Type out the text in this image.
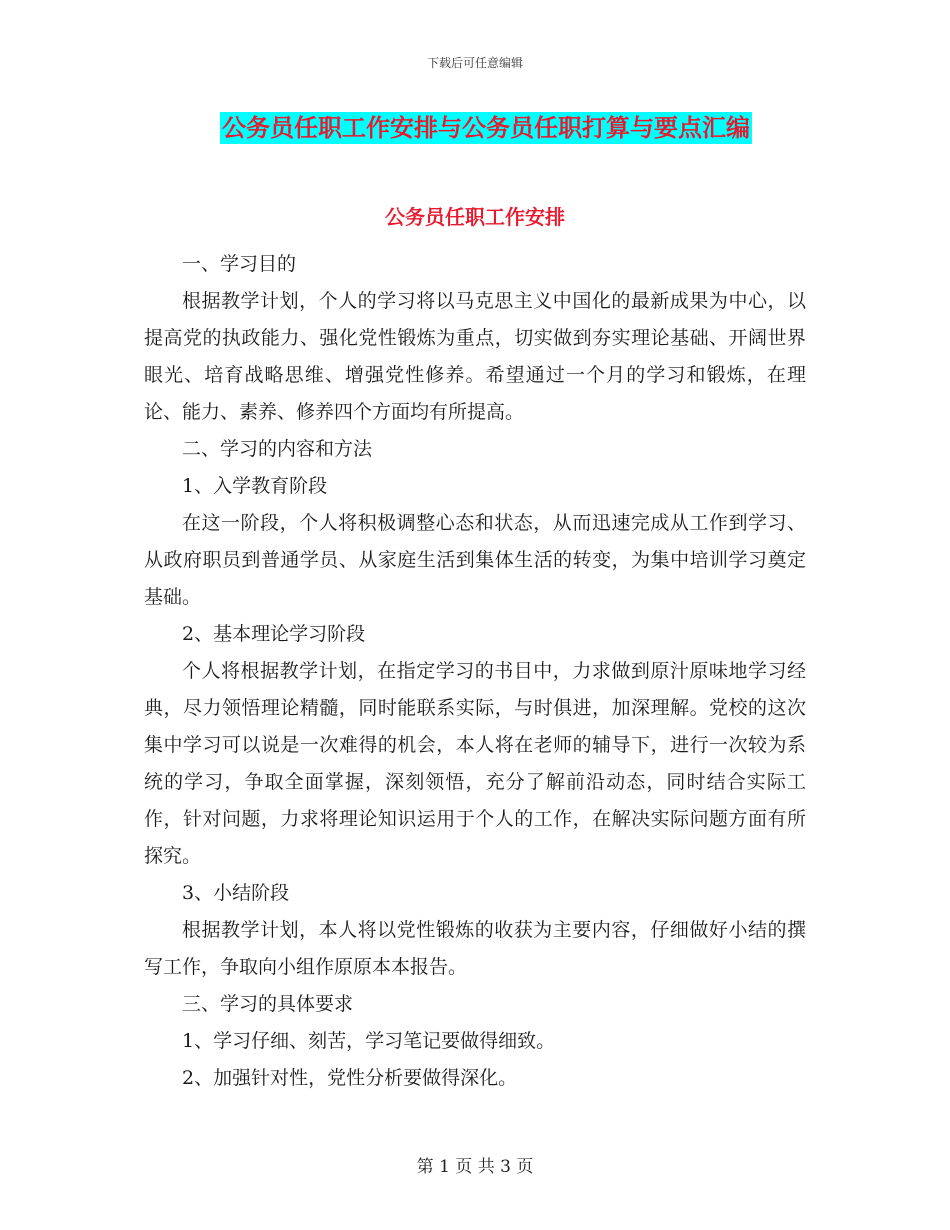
下载后可任意编辑
公务员任职工作安排与公务员任职打算与要点汇编
公务员任职工作安排

一、学习目的

根据教学计划，个人的学习将以马克思主义中国化的最新成果为中心，以提高党的执政能力、强化党性锻炼为重点，切实做到夯实理论基础、开阔世界眼光、培育战略思维、增强党性修养。希望通过一个月的学习和锻炼，在理论、能力、素养、修养四个方面均有所提高。

二、学习的内容和方法

1、入学教育阶段

在这一阶段，个人将积极调整心态和状态，从而迅速完成从工作到学习、从政府职员到普通学员、从家庭生活到集体生活的转变，为集中培训学习奠定基础。

2、基本理论学习阶段

个人将根据教学计划，在指定学习的书目中，力求做到原汁原味地学习经典，尽力领悟理论精髓，同时能联系实际，与时俱进，加深理解。党校的这次集中学习可以说是一次难得的机会，本人将在老师的辅导下，进行一次较为系统的学习，争取全面掌握，深刻领悟，充分了解前沿动态，同时结合实际工作，针对问题，力求将理论知识运用于个人的工作，在解决实际问题方面有所探究。

3、小结阶段

根据教学计划，本人将以党性锻炼的收获为主要内容，仔细做好小结的撰写工作，争取向小组作原原本本报告。

三、学习的具体要求

1、学习仔细、刻苦，学习笔记要做得细致。

2、加强针对性，党性分析要做得深化。

第 1 页 共 3 页
